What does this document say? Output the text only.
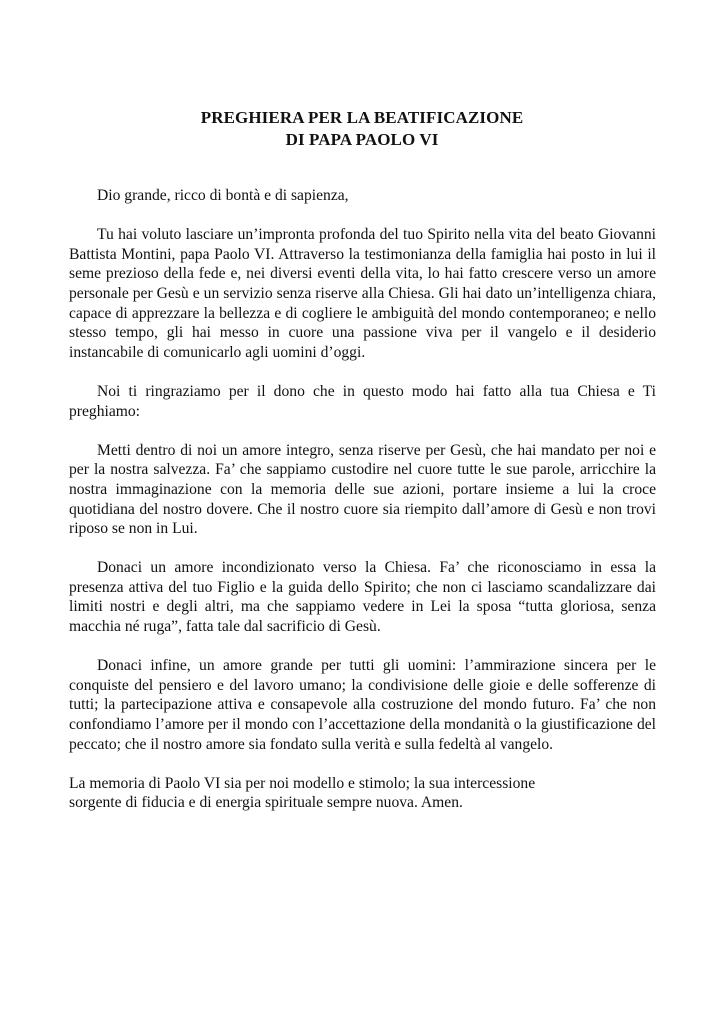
PREGHIERA PER LA BEATIFICAZIONE
DI PAPA PAOLO VI

Dio grande, ricco di bontà e di sapienza,

Tu hai voluto lasciare un’impronta profonda del tuo Spirito nella vita del beato Giovanni Battista Montini, papa Paolo VI. Attraverso la testimonianza della famiglia hai posto in lui il seme prezioso della fede e, nei diversi eventi della vita, lo hai fatto crescere verso un amore personale per Gesù e un servizio senza riserve alla Chiesa. Gli hai dato un’intelligenza chiara, capace di apprezzare la bellezza e di cogliere le ambiguità del mondo contemporaneo; e nello stesso tempo, gli hai messo in cuore una passione viva per il vangelo e il desiderio instancabile di comunicarlo agli uomini d’oggi.

Noi ti ringraziamo per il dono che in questo modo hai fatto alla tua Chiesa e Ti preghiamo:

Metti dentro di noi un amore integro, senza riserve per Gesù, che hai mandato per noi e per la nostra salvezza. Fa’ che sappiamo custodire nel cuore tutte le sue parole, arricchire la nostra immaginazione con la memoria delle sue azioni, portare insieme a lui la croce quotidiana del nostro dovere. Che il nostro cuore sia riempito dall’amore di Gesù e non trovi riposo se non in Lui.

Donaci un amore incondizionato verso la Chiesa. Fa’ che riconosciamo in essa la presenza attiva del tuo Figlio e la guida dello Spirito; che non ci lasciamo scandalizzare dai limiti nostri e degli altri, ma che sappiamo vedere in Lei la sposa “tutta gloriosa, senza macchia né ruga”, fatta tale dal sacrificio di Gesù.

Donaci infine, un amore grande per tutti gli uomini: l’ammirazione sincera per le conquiste del pensiero e del lavoro umano; la condivisione delle gioie e delle sofferenze di tutti; la partecipazione attiva e consapevole alla costruzione del mondo futuro. Fa’ che non confondiamo l’amore per il mondo con l’accettazione della mondanità o la giustificazione del peccato; che il nostro amore sia fondato sulla verità e sulla fedeltà al vangelo.

La memoria di Paolo VI sia per noi modello e stimolo; la sua intercessione
sorgente di fiducia e di energia spirituale sempre nuova. Amen.
